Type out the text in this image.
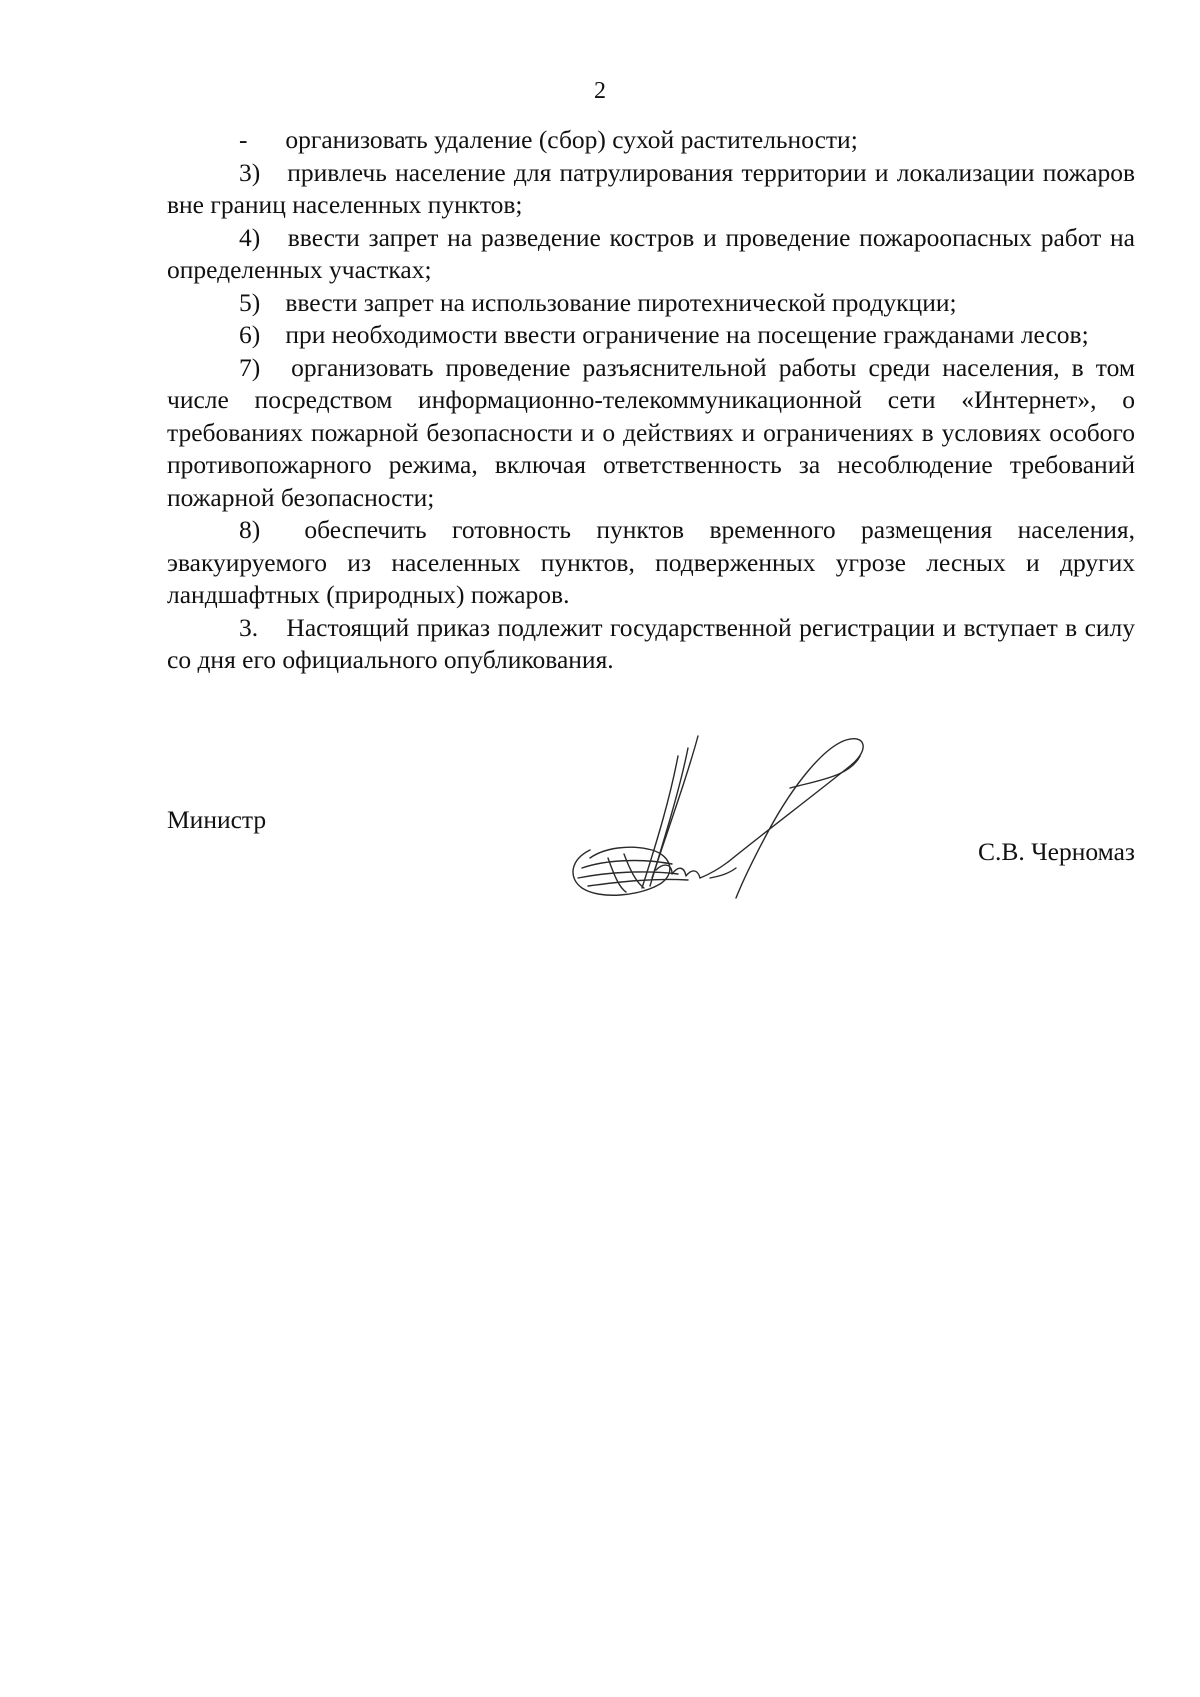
2

- организовать удаление (сбор) сухой растительности;

3) привлечь население для патрулирования территории и локализации пожаров вне границ населенных пунктов;

4) ввести запрет на разведение костров и проведение пожароопасных работ на определенных участках;

5) ввести запрет на использование пиротехнической продукции;

6) при необходимости ввести ограничение на посещение гражданами лесов;

7) организовать проведение разъяснительной работы среди населения, в том числе посредством информационно-телекоммуникационной сети «Интернет», о требованиях пожарной безопасности и о действиях и ограничениях в условиях особого противопожарного режима, включая ответственность за несоблюдение требований пожарной безопасности;

8) обеспечить готовность пунктов временного размещения населения, эвакуируемого из населенных пунктов, подверженных угрозе лесных и других ландшафтных (природных) пожаров.

3. Настоящий приказ подлежит государственной регистрации и вступает в силу со дня его официального опубликования.

Министр
С.В. Черномаз
